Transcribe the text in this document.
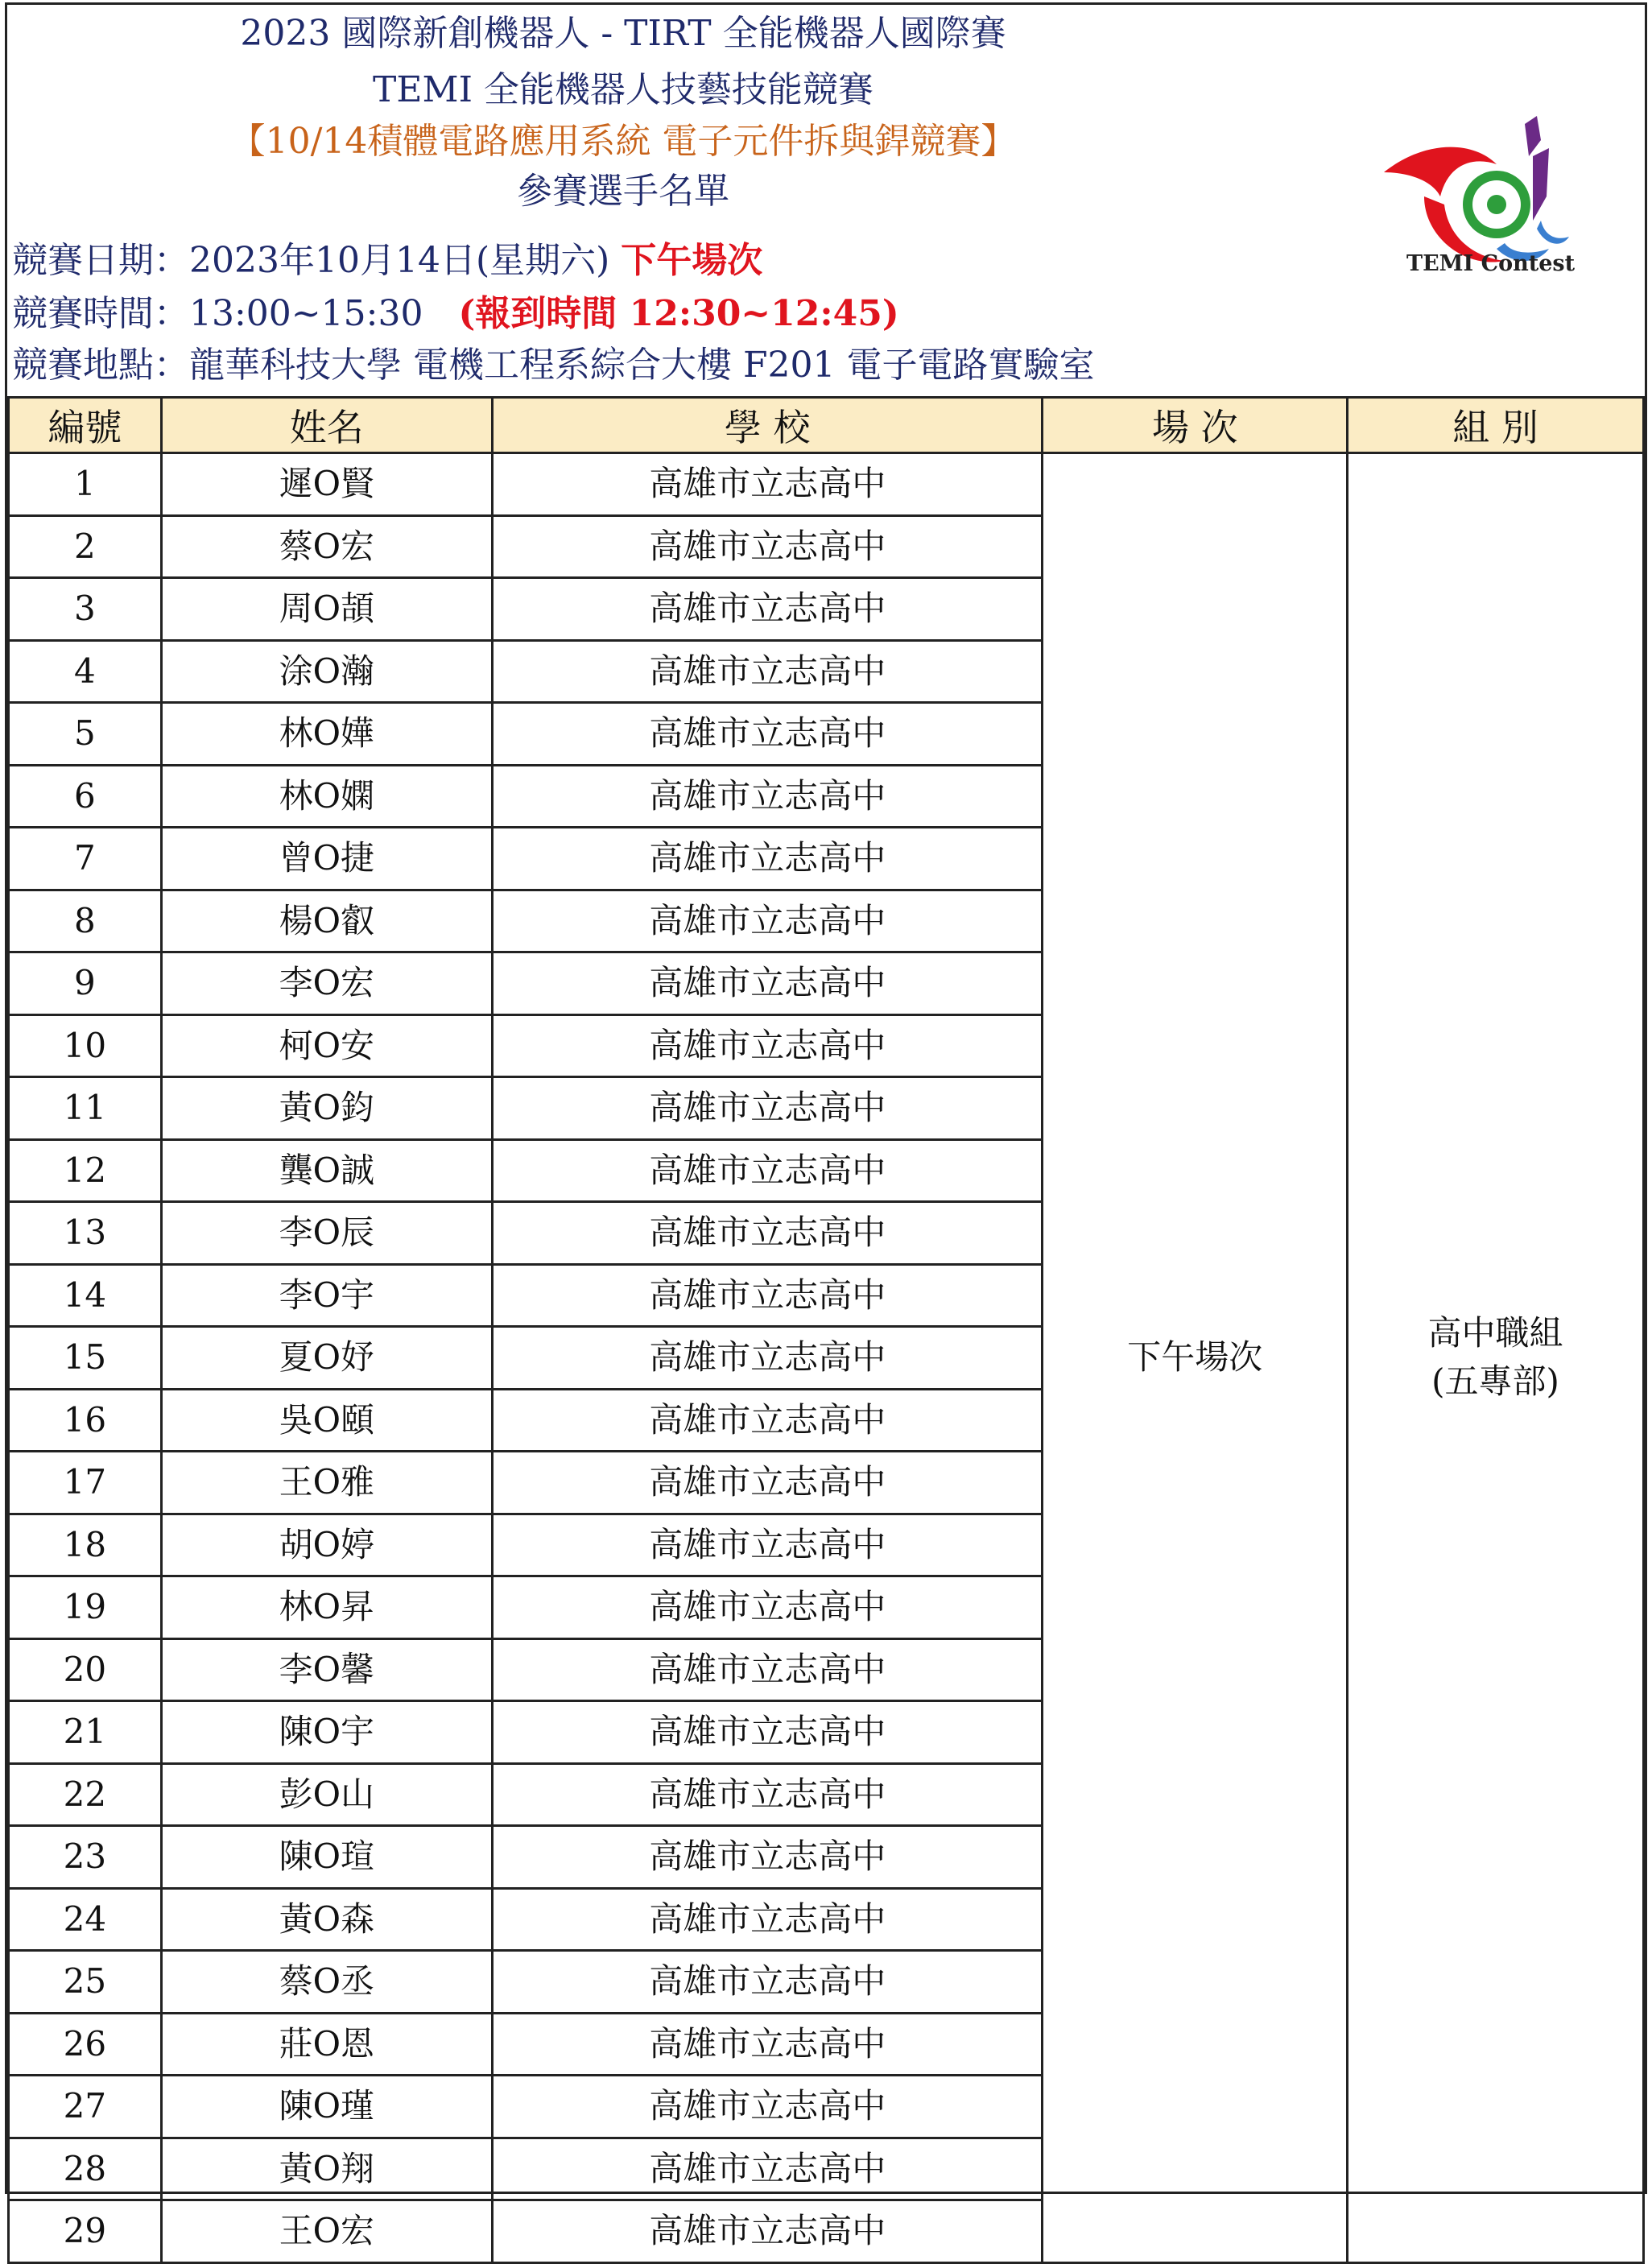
2023 國際新創機器人 - TIRT 全能機器人國際賽
TEMI 全能機器人技藝技能競賽
【10/14積體電路應用系統 電子元件拆與銲競賽】
參賽選手名單
競賽日期：2023年10月14日(星期六) 下午場次
競賽時間：13:00~15:30 (報到時間 12:30~12:45)
競賽地點：龍華科技大學 電機工程系綜合大樓 F201 電子電路實驗室
TEMI Contest
編號	姓名	學 校	場 次	組 別
1	遲O賢	高雄市立志高中	下午場次	高中職組
(五專部)

2	蔡O宏	高雄市立志高中		
3	周O頡	高雄市立志高中		
4	涂O瀚	高雄市立志高中		
5	林O嬅	高雄市立志高中		
6	林O嫻	高雄市立志高中		
7	曾O捷	高雄市立志高中		
8	楊O叡	高雄市立志高中		
9	李O宏	高雄市立志高中		
10	柯O安	高雄市立志高中		
11	黃O鈞	高雄市立志高中		
12	龔O誠	高雄市立志高中		
13	李O辰	高雄市立志高中		
14	李O宇	高雄市立志高中		
15	夏O妤	高雄市立志高中		
16	吳O頤	高雄市立志高中		
17	王O雅	高雄市立志高中		
18	胡O婷	高雄市立志高中		
19	林O昇	高雄市立志高中		
20	李O馨	高雄市立志高中		
21	陳O宇	高雄市立志高中		
22	彭O山	高雄市立志高中		
23	陳O瑄	高雄市立志高中		
24	黃O森	高雄市立志高中		
25	蔡O丞	高雄市立志高中		
26	莊O恩	高雄市立志高中		
27	陳O瑾	高雄市立志高中		
28	黃O翔	高雄市立志高中		
29	王O宏	高雄市立志高中		
